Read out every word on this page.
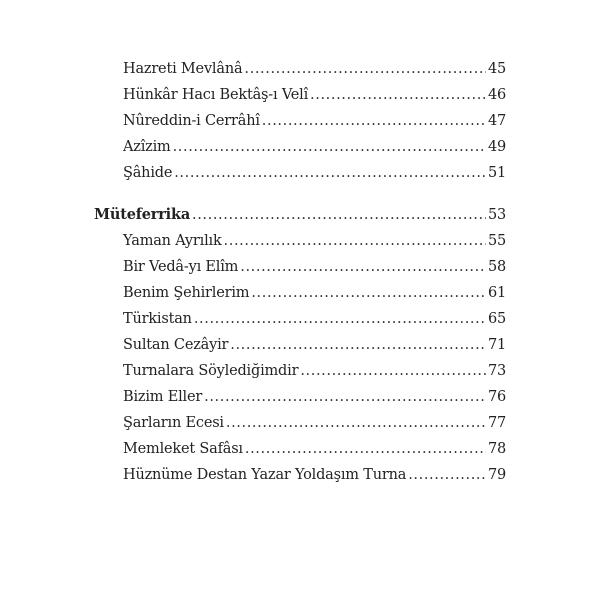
Hazreti Mevlânâ .....	45
Hünkâr Hacı Bektâş-ı Velî .....	46
Nûreddin-i Cerrâhî .....	47
Azîzim .....	49
Şâhide .....	51
Müteferrika .....	53
Yaman Ayrılık .....	55
Bir Vedâ-yı Elîm .....	58
Benim Şehirlerim .....	61
Türkistan .....	65
Sultan Cezâyir .....	71
Turnalara Söylediğimdir .....	73
Bizim Eller .....	76
Şarların Ecesi .....	77
Memleket Safâsı .....	78
Hüznüme Destan Yazar Yoldaşım Turna .....	79
